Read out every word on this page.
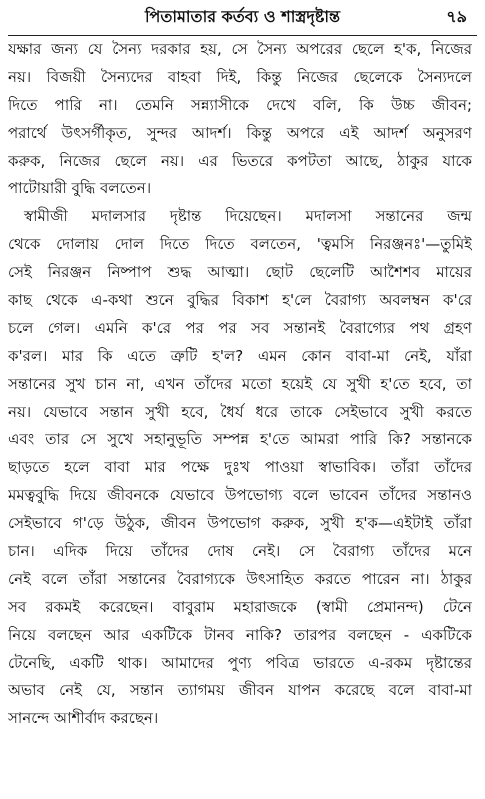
পিতামাতার কর্তব্য ও শাস্ত্রদৃষ্টান্ত	৭৯
যক্ষার জন্য যে সৈন্য দরকার হয়, সে সৈন্য অপরের ছেলে হ'ক, নিজের
নয়। বিজয়ী সৈন্যদের বাহবা দিই, কিন্তু নিজের ছেলেকে সৈন্যদলে
দিতে পারি না। তেমনি সন্ন্যাসীকে দেখে বলি, কি উচ্চ জীবন;
পরার্থে উৎসর্গীকৃত, সুন্দর আদর্শ। কিন্তু অপরে এই আদর্শ অনুসরণ
করুক, নিজের ছেলে নয়। এর ভিতরে কপটতা আছে, ঠাকুর যাকে
পাটোয়ারী বুদ্ধি বলতেন।
স্বামীজী মদালসার দৃষ্টান্ত দিয়েছেন। মদালসা সন্তানের জন্ম
থেকে দোলায় দোল দিতে দিতে বলতেন, 'ত্বমসি নিরঞ্জনঃ'—তুমিই
সেই নিরঞ্জন নিষ্পাপ শুদ্ধ আত্মা। ছোট ছেলেটি আশৈশব মায়ের
কাছ থেকে এ-কথা শুনে বুদ্ধির বিকাশ হ'লে বৈরাগ্য অবলম্বন ক'রে
চলে গেল। এমনি ক'রে পর পর সব সন্তানই বৈরাগ্যের পথ গ্রহণ
ক'রল। মার কি এতে ত্রুটি হ'ল? এমন কোন বাবা-মা নেই, যাঁরা
সন্তানের সুখ চান না, এখন তাঁদের মতো হয়েই যে সুখী হ'তে হবে, তা
নয়। যেভাবে সন্তান সুখী হবে, ধৈর্য ধরে তাকে সেইভাবে সুখী করতে
এবং তার সে সুখে সহানুভূতি সম্পন্ন হ'তে আমরা পারি কি? সন্তানকে
ছাড়তে হলে বাবা মার পক্ষে দুঃখ পাওয়া স্বাভাবিক। তাঁরা তাঁদের
মমত্ববুদ্ধি দিয়ে জীবনকে যেভাবে উপভোগ্য বলে ভাবেন তাঁদের সন্তানও
সেইভাবে গ'ড়ে উঠুক, জীবন উপভোগ করুক, সুখী হ'ক—এইটাই তাঁরা
চান। এদিক দিয়ে তাঁদের দোষ নেই। সে বৈরাগ্য তাঁদের মনে
নেই বলে তাঁরা সন্তানের বৈরাগ্যকে উৎসাহিত করতে পারেন না। ঠাকুর
সব রকমই করেছেন। বাবুরাম মহারাজকে (স্বামী প্রেমানন্দ) টেনে
নিয়ে বলছেন আর একটিকে টানব নাকি? তারপর বলছেন - একটিকে
টেনেছি, একটি থাক। আমাদের পুণ্য পবিত্র ভারতে এ-রকম দৃষ্টান্তের
অভাব নেই যে, সন্তান ত্যাগময় জীবন যাপন করেছে বলে বাবা-মা
সানন্দে আশীর্বাদ করছেন।
